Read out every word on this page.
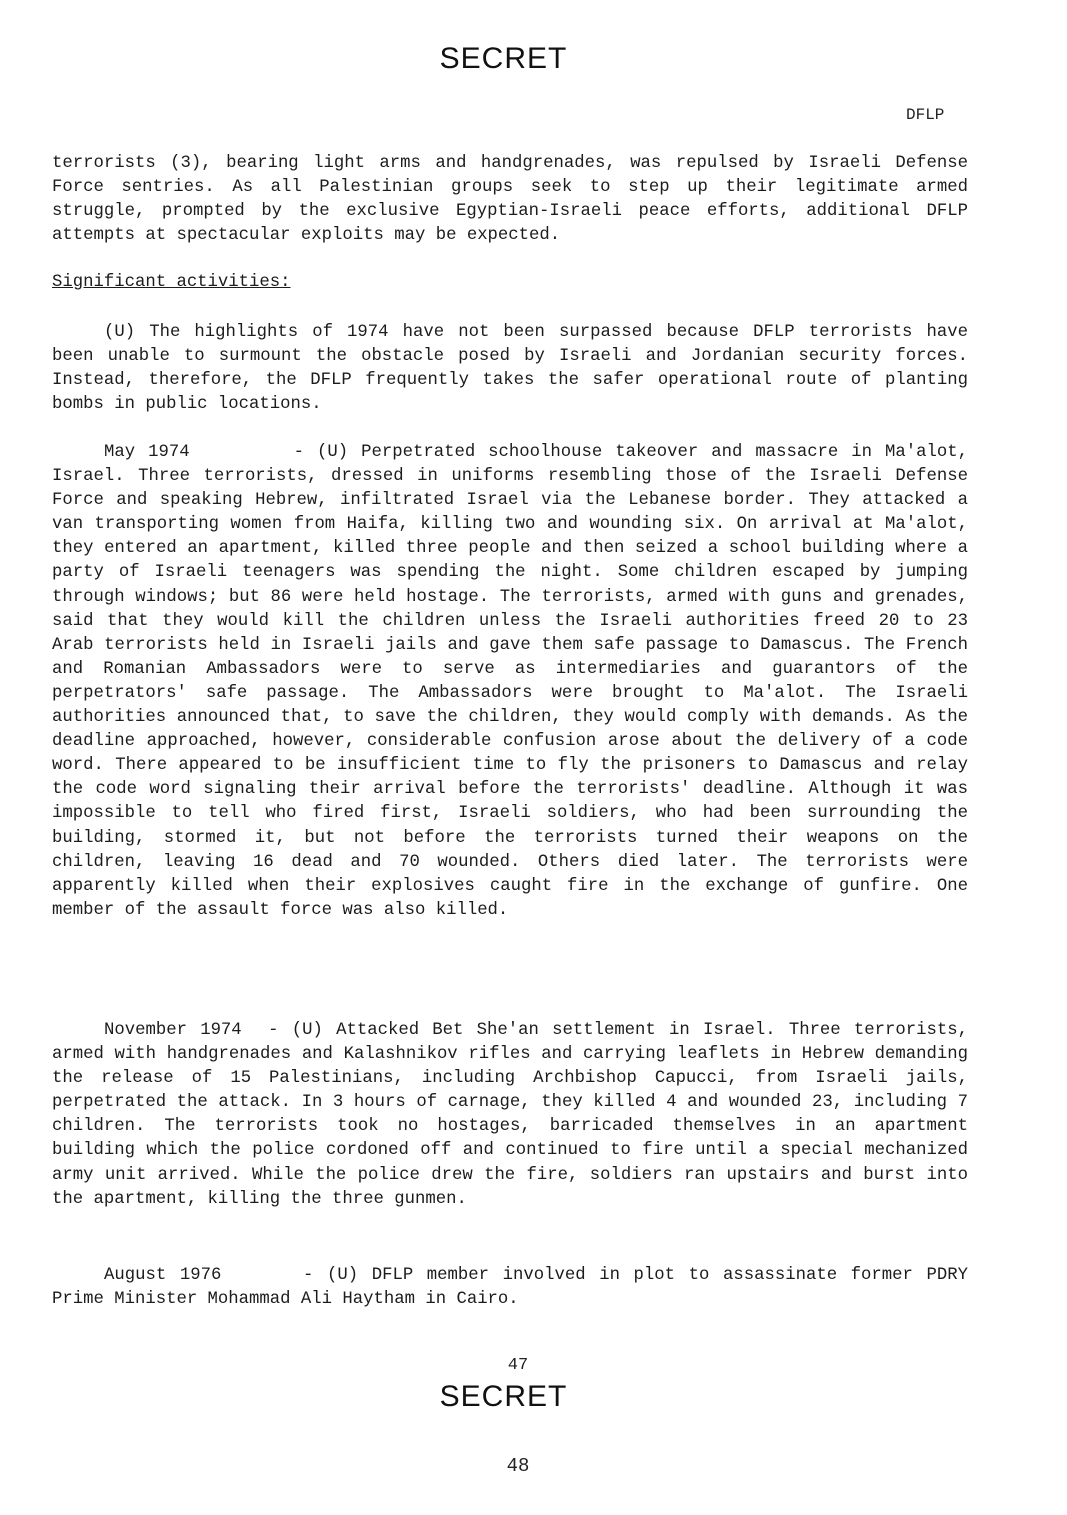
SECRET
DFLP
terrorists (3), bearing light arms and handgrenades, was repulsed by Israeli Defense Force sentries. As all Palestinian groups seek to step up their legitimate armed struggle, prompted by the exclusive Egyptian-Israeli peace efforts, additional DFLP attempts at spectacular exploits may be expected.
Significant activities:
(U) The highlights of 1974 have not been surpassed because DFLP terrorists have been unable to surmount the obstacle posed by Israeli and Jordanian security forces. Instead, therefore, the DFLP frequently takes the safer operational route of planting bombs in public locations.
May 1974	- (U) Perpetrated schoolhouse takeover and massacre in Ma'alot, Israel. Three terrorists, dressed in uniforms resembling those of the Israeli Defense Force and speaking Hebrew, infiltrated Israel via the Lebanese border. They attacked a van transporting women from Haifa, killing two and wounding six. On arrival at Ma'alot, they entered an apartment, killed three people and then seized a school building where a party of Israeli teenagers was spending the night. Some children escaped by jumping through windows; but 86 were held hostage. The terrorists, armed with guns and grenades, said that they would kill the children unless the Israeli authorities freed 20 to 23 Arab terrorists held in Israeli jails and gave them safe passage to Damascus. The French and Romanian Ambassadors were to serve as intermediaries and guarantors of the perpetrators' safe passage. The Ambassadors were brought to Ma'alot. The Israeli authorities announced that, to save the children, they would comply with demands. As the deadline approached, however, considerable confusion arose about the delivery of a code word. There appeared to be insufficient time to fly the prisoners to Damascus and relay the code word signaling their arrival before the terrorists' deadline. Although it was impossible to tell who fired first, Israeli soldiers, who had been surrounding the building, stormed it, but not before the terrorists turned their weapons on the children, leaving 16 dead and 70 wounded. Others died later. The terrorists were apparently killed when their explosives caught fire in the exchange of gunfire. One member of the assault force was also killed.
November 1974 - (U) Attacked Bet She'an settlement in Israel. Three terrorists, armed with handgrenades and Kalashnikov rifles and carrying leaflets in Hebrew demanding the release of 15 Palestinians, including Archbishop Capucci, from Israeli jails, perpetrated the attack. In 3 hours of carnage, they killed 4 and wounded 23, including 7 children. The terrorists took no hostages, barricaded themselves in an apartment building which the police cordoned off and continued to fire until a special mechanized army unit arrived. While the police drew the fire, soldiers ran upstairs and burst into the apartment, killing the three gunmen.
August 1976	- (U) DFLP member involved in plot to assassinate former PDRY Prime Minister Mohammad Ali Haytham in Cairo.
47
SECRET
48
